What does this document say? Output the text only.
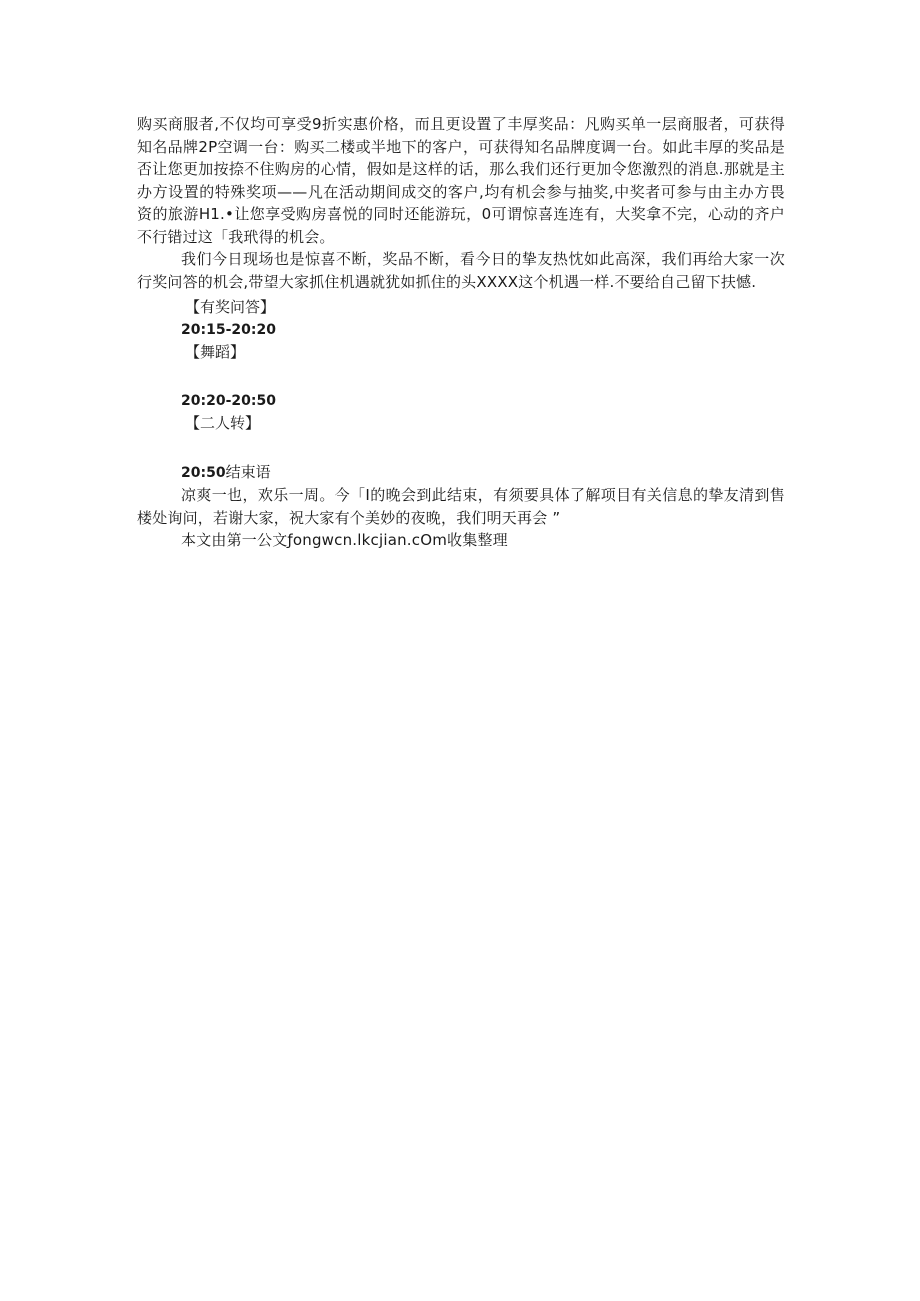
购买商服者,不仅均可享受9折实惠价格，而且更设置了丰厚奖品：凡购买单一层商服者，可获得知名品牌2P空调一台：购买二楼或半地下的客户，可获得知名品牌度调一台。如此丰厚的奖品是否让您更加按捺不住购房的心情，假如是这样的话，那么我们还行更加令您激烈的消息.那就是主办方设置的特殊奖项——凡在活动期间成交的客户,均有机会参与抽奖,中奖者可参与由主办方畏资的旅游H1.•让您享受购房喜悦的同时还能游玩，0可谓惊喜连连有，大奖拿不完，心动的齐户不行错过这「我玳得的机会。

我们今日现场也是惊喜不断，奖品不断，看今日的挚友热忱如此高深，我们再给大家一次行奖问答的机会,带望大家抓住机遇就犹如抓住的头XXXX这个机遇一样.不要给自己留下扶憾.

【有奖问答】

20:15-20:20

【舞蹈】

20:20-20:50

【二人转】

20:50结束语

凉爽一也，欢乐一周。今「I的晚会到此结束，有须要具体了解项目有关信息的挚友清到售楼处询问，若谢大家，祝大家有个美妙的夜晚，我们明天再会 ”

本文由第一公文ƒongwcn.lkcjian.cOm收集整理
